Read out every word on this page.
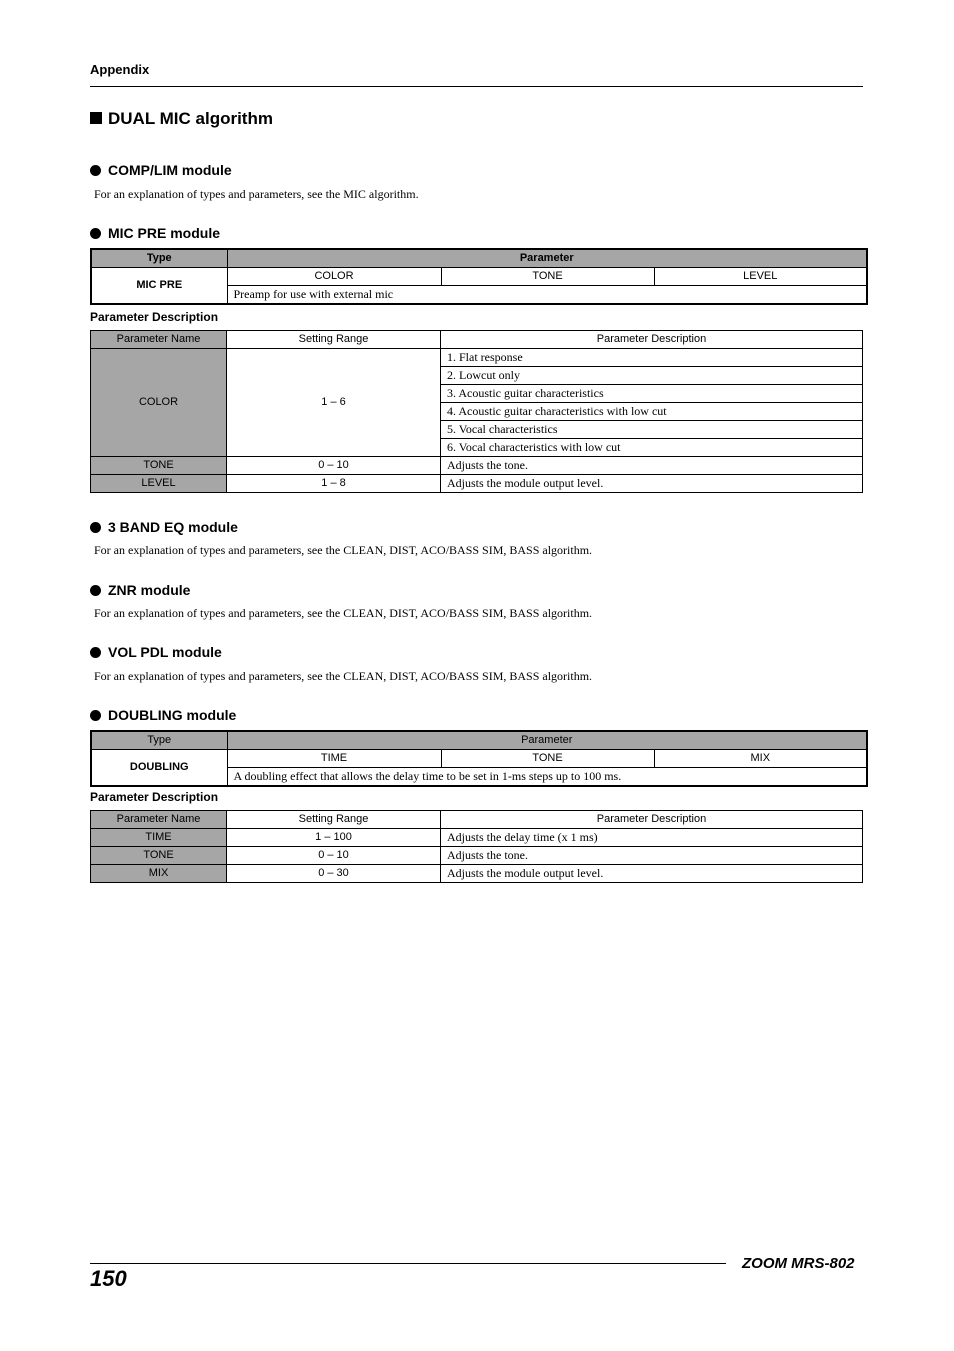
Appendix
DUAL MIC algorithm
COMP/LIM module
For an explanation of types and parameters, see the MIC algorithm.
MIC PRE module
Type	Parameter		
MIC PRE	COLOR	TONE	LEVEL
	Preamp for use with external mic		
Parameter Description
Parameter Name	Setting Range	Parameter Description
COLOR	1 – 6	1. Flat response
		2. Lowcut only
		3. Acoustic guitar characteristics
		4. Acoustic guitar characteristics with low cut
		5. Vocal characteristics
		6. Vocal characteristics with low cut
TONE	0 – 10	Adjusts the tone.
LEVEL	1 – 8	Adjusts the module output level.
3 BAND EQ module
For an explanation of types and parameters, see the CLEAN, DIST, ACO/BASS SIM, BASS algorithm.
ZNR module
For an explanation of types and parameters, see the CLEAN, DIST, ACO/BASS SIM, BASS algorithm.
VOL PDL module
For an explanation of types and parameters, see the CLEAN, DIST, ACO/BASS SIM, BASS algorithm.
DOUBLING module
Type	Parameter		
DOUBLING	TIME	TONE	MIX
	A doubling effect that allows the delay time to be set in 1-ms steps up to 100 ms.		
Parameter Description
Parameter Name	Setting Range	Parameter Description
TIME	1 – 100	Adjusts the delay time (x 1 ms)
TONE	0 – 10	Adjusts the tone.
MIX	0 – 30	Adjusts the module output level.
150
ZOOM MRS-802
